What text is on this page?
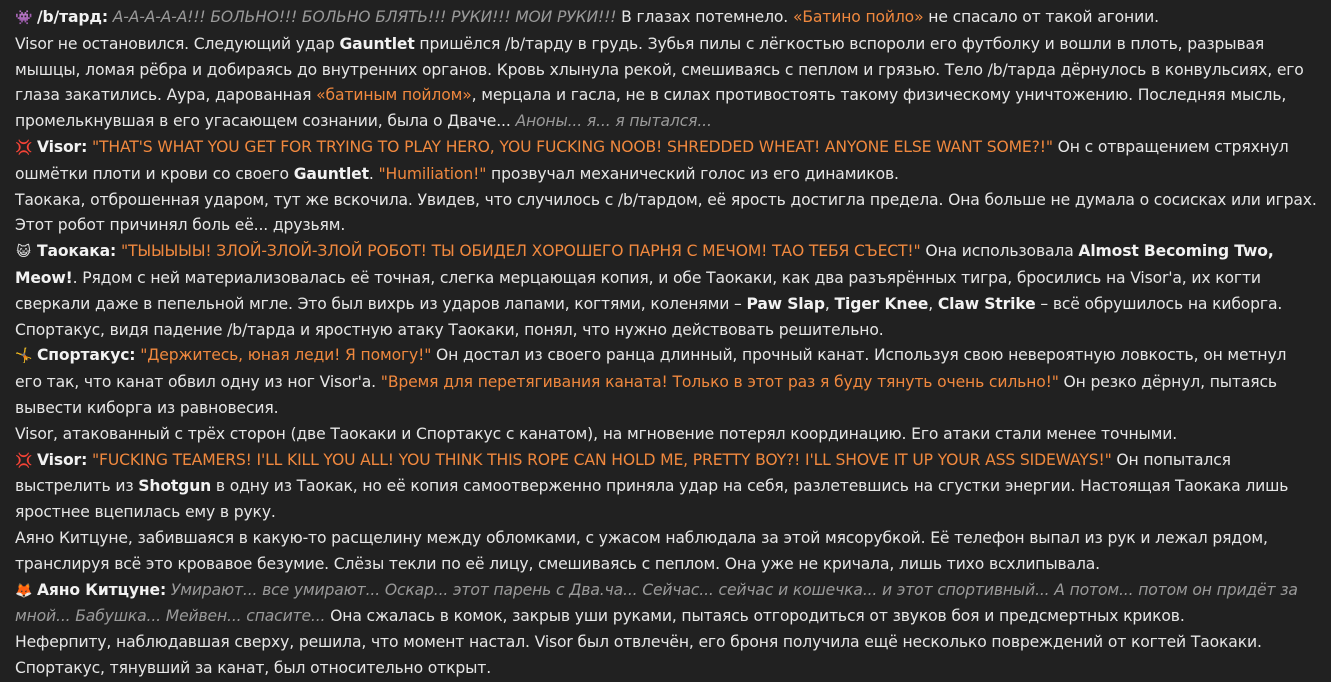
👾 /b/тард: А-А-А-А-А!!! БОЛЬНО!!! БОЛЬНО БЛЯТЬ!!! РУКИ!!! МОИ РУКИ!!! В глазах потемнело. «Батино пойло» не спасало от такой агонии.

Visor не остановился. Следующий удар Gauntlet пришёлся /b/тарду в грудь. Зубья пилы с лёгкостью вспороли его футболку и вошли в плоть, разрывая мышцы, ломая рёбра и добираясь до внутренних органов. Кровь хлынула рекой, смешиваясь с пеплом и грязью. Тело /b/тарда дёрнулось в конвульсиях, его глаза закатились. Аура, дарованная «батиным пойлом», мерцала и гасла, не в силах противостоять такому физическому уничтожению. Последняя мысль, промелькнувшая в его угасающем сознании, была о Дваче... Аноны... я... я пытался...

💢 Visor: "THAT'S WHAT YOU GET FOR TRYING TO PLAY HERO, YOU FUCKING NOOB! SHREDDED WHEAT! ANYONE ELSE WANT SOME?!" Он с отвращением стряхнул ошмётки плоти и крови со своего Gauntlet. "Humiliation!" прозвучал механический голос из его динамиков.

Таокака, отброшенная ударом, тут же вскочила. Увидев, что случилось с /b/тардом, её ярость достигла предела. Она больше не думала о сосисках или играх. Этот робот причинял боль её... друзьям.

😺 Таокака: "ТЫЫЫЫЫ! ЗЛОЙ-ЗЛОЙ-ЗЛОЙ РОБОТ! ТЫ ОБИДЕЛ ХОРОШЕГО ПАРНЯ С МЕЧОМ! ТАО ТЕБЯ СЪЕСТ!" Она использовала Almost Becoming Two, Meow!. Рядом с ней материализовалась её точная, слегка мерцающая копия, и обе Таокаки, как два разъярённых тигра, бросились на Visor'а, их когти сверкали даже в пепельной мгле. Это был вихрь из ударов лапами, когтями, коленями – Paw Slap, Tiger Knee, Claw Strike – всё обрушилось на киборга.

Спортакус, видя падение /b/тарда и яростную атаку Таокаки, понял, что нужно действовать решительно.

🤸 Спортакус: "Держитесь, юная леди! Я помогу!" Он достал из своего ранца длинный, прочный канат. Используя свою невероятную ловкость, он метнул его так, что канат обвил одну из ног Visor'а. "Время для перетягивания каната! Только в этот раз я буду тянуть очень сильно!" Он резко дёрнул, пытаясь вывести киборга из равновесия.

Visor, атакованный с трёх сторон (две Таокаки и Спортакус с канатом), на мгновение потерял координацию. Его атаки стали менее точными.

💢 Visor: "FUCKING TEAMERS! I'LL KILL YOU ALL! YOU THINK THIS ROPE CAN HOLD ME, PRETTY BOY?! I'LL SHOVE IT UP YOUR ASS SIDEWAYS!" Он попытался выстрелить из Shotgun в одну из Таокак, но её копия самоотверженно приняла удар на себя, разлетевшись на сгустки энергии. Настоящая Таокака лишь яростнее вцепилась ему в руку.

Аяно Китцуне, забившаяся в какую-то расщелину между обломками, с ужасом наблюдала за этой мясорубкой. Её телефон выпал из рук и лежал рядом, транслируя всё это кровавое безумие. Слёзы текли по её лицу, смешиваясь с пеплом. Она уже не кричала, лишь тихо всхлипывала.

🦊 Аяно Китцуне: Умирают... все умирают... Оскар... этот парень с Два.ча... Сейчас... сейчас и кошечка... и этот спортивный... А потом... потом он придёт за мной... Бабушка... Мейвен... спасите... Она сжалась в комок, закрыв уши руками, пытаясь отгородиться от звуков боя и предсмертных криков.

Неферпиту, наблюдавшая сверху, решила, что момент настал. Visor был отвлечён, его броня получила ещё несколько повреждений от когтей Таокаки. Спортакус, тянувший за канат, был относительно открыт.
